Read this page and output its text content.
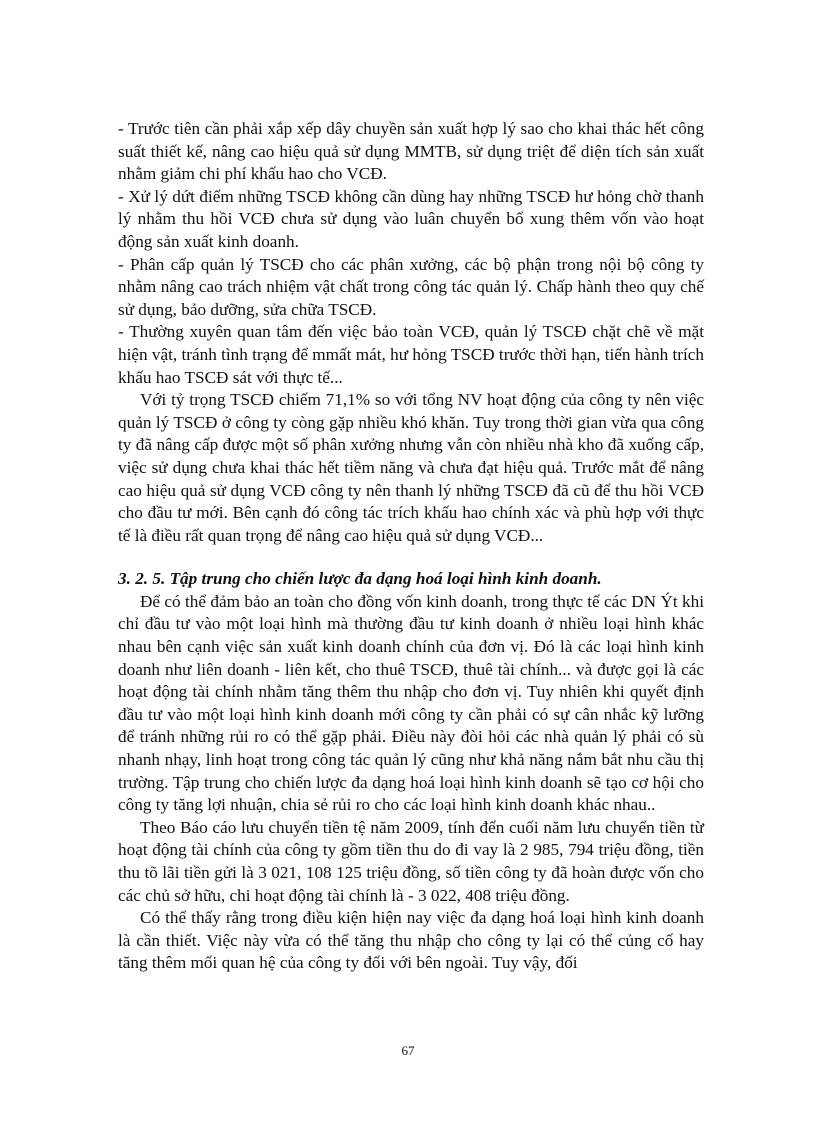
- Trước tiên cần phải xắp xếp dây chuyền sản xuất hợp lý sao cho khai thác hết công suất thiết kế, nâng cao hiệu quả sử dụng MMTB, sử dụng triệt để diện tích sản xuất nhằm giảm chi phí khấu hao cho VCĐ.

- Xử lý dứt điểm những TSCĐ không cần dùng hay những TSCĐ hư hỏng chờ thanh lý nhằm thu hồi VCĐ chưa sử dụng vào luân chuyển bổ xung thêm vốn vào hoạt động sản xuất kinh doanh.

- Phân cấp quản lý TSCĐ cho các phân xưởng, các bộ phận trong nội bộ công ty nhằm nâng cao trách nhiệm vật chất trong công tác quản lý. Chấp hành theo quy chế sử dụng, bảo dưỡng, sửa chữa TSCĐ.

- Thường xuyên quan tâm đến việc bảo toàn VCĐ, quản lý TSCĐ chặt chẽ về mặt hiện vật, tránh tình trạng để mmất mát, hư hỏng TSCĐ trước thời hạn, tiến hành trích khấu hao TSCĐ sát với thực tế...

Với tỷ trọng TSCĐ chiếm 71,1% so với tổng NV hoạt động của công ty nên việc quản lý TSCĐ ở công ty còng gặp nhiều khó khăn. Tuy trong thời gian vừa qua công ty đã nâng cấp được một số phân xưởng nhưng vẫn còn nhiều nhà kho đã xuống cấp, việc sử dụng chưa khai thác hết tiềm năng và chưa đạt hiệu quả. Trước mắt để nâng cao hiệu quả sử dụng VCĐ công ty nên thanh lý những TSCĐ đã cũ để thu hồi VCĐ cho đầu tư mới. Bên cạnh đó công tác trích khấu hao chính xác và phù hợp với thực tế là điều rất quan trọng để nâng cao hiệu quả sử dụng VCĐ...

3. 2. 5. Tập trung cho chiến lược đa dạng hoá loại hình kinh doanh.

Để có thể đảm bảo an toàn cho đồng vốn kinh doanh, trong thực tế các DN Ýt khi chỉ đầu tư vào một loại hình mà thường đầu tư kinh doanh ở nhiều loại hình khác nhau bên cạnh việc sản xuất kinh doanh chính của đơn vị. Đó là các loại hình kinh doanh như liên doanh - liên kết, cho thuê TSCĐ, thuê tài chính... và được gọi là các hoạt động tài chính nhằm tăng thêm thu nhập cho đơn vị. Tuy nhiên khi quyết định đầu tư vào một loại hình kinh doanh mới công ty cần phải có sự cân nhắc kỹ lưỡng để tránh những rủi ro có thể gặp phải. Điều này đòi hỏi các nhà quản lý phải có sù nhanh nhạy, linh hoạt trong công tác quản lý cũng như khả năng nắm bắt nhu cầu thị trường. Tập trung cho chiến lược đa dạng hoá loại hình kinh doanh sẽ tạo cơ hội cho công ty tăng lợi nhuận, chia sẻ rủi ro cho các loại hình kinh doanh khác nhau..

Theo Báo cáo lưu chuyển tiền tệ năm 2009, tính đến cuối năm lưu chuyển tiền từ hoạt động tài chính của công ty gồm tiền thu do đi vay là 2 985, 794 triệu đồng, tiền thu tõ lãi tiền gửi là 3 021, 108 125 triệu đồng, số tiền công ty đã hoàn được vốn cho các chủ sở hữu, chi hoạt động tài chính là - 3 022, 408 triệu đồng.

Có thể thấy rằng trong điều kiện hiện nay việc đa dạng hoá loại hình kinh doanh là cần thiết. Việc này vừa có thể tăng thu nhập cho công ty lại có thể củng cố hay tăng thêm mối quan hệ của công ty đối với bên ngoài. Tuy vậy, đối

67
